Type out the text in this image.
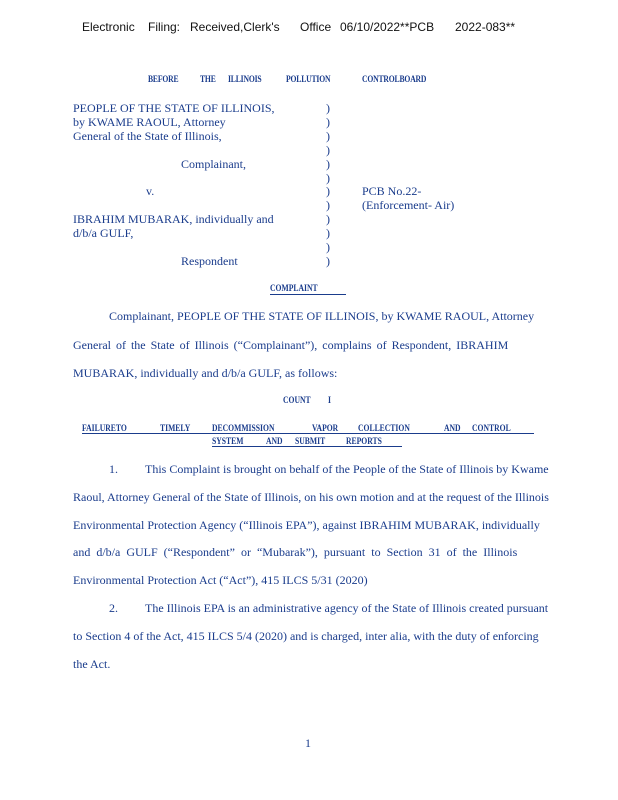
Electronic Filing: Received,Clerk's Office 06/10/2022**PCB 2022-083**
BEFORE THE ILLINOIS	POLLUTION	CONTROLBOARD
PEOPLE OF THE STATE OF ILLINOIS,
by KWAME RAOUL, Attorney
General of the State of Illinois,
Complainant,
v.	PCB No.22-
(Enforcement- Air)
IBRAHIM MUBARAK, individually and
d/b/a GULF,
Respondent
)
)
)
)
)
)
)
)
)
)
)
)
COMPLAINT
Complainant, PEOPLE OF THE STATE OF ILLINOIS, by KWAME RAOUL, Attorney
General of the State of Illinois (“Complainant”), complains of Respondent, IBRAHIM
MUBARAK, individually and d/b/a GULF, as follows:
COUNT I
FAILURETO	TIMELY DECOMMISSION	VAPOR COLLECTION	AND CONTROL
SYSTEM	AND SUBMIT REPORTS
1. This Complaint is brought on behalf of the People of the State of Illinois by Kwame
Raoul, Attorney General of the State of Illinois, on his own motion and at the request of the Illinois
Environmental Protection Agency (“Illinois EPA”), against IBRAHIM MUBARAK, individually
and d/b/a GULF (“Respondent” or “Mubarak”), pursuant to Section 31 of the Illinois
Environmental Protection Act (“Act”), 415 ILCS 5/31 (2020)
2. The Illinois EPA is an administrative agency of the State of Illinois created pursuant
to Section 4 of the Act, 415 ILCS 5/4 (2020) and is charged, inter alia, with the duty of enforcing
the Act.
1
